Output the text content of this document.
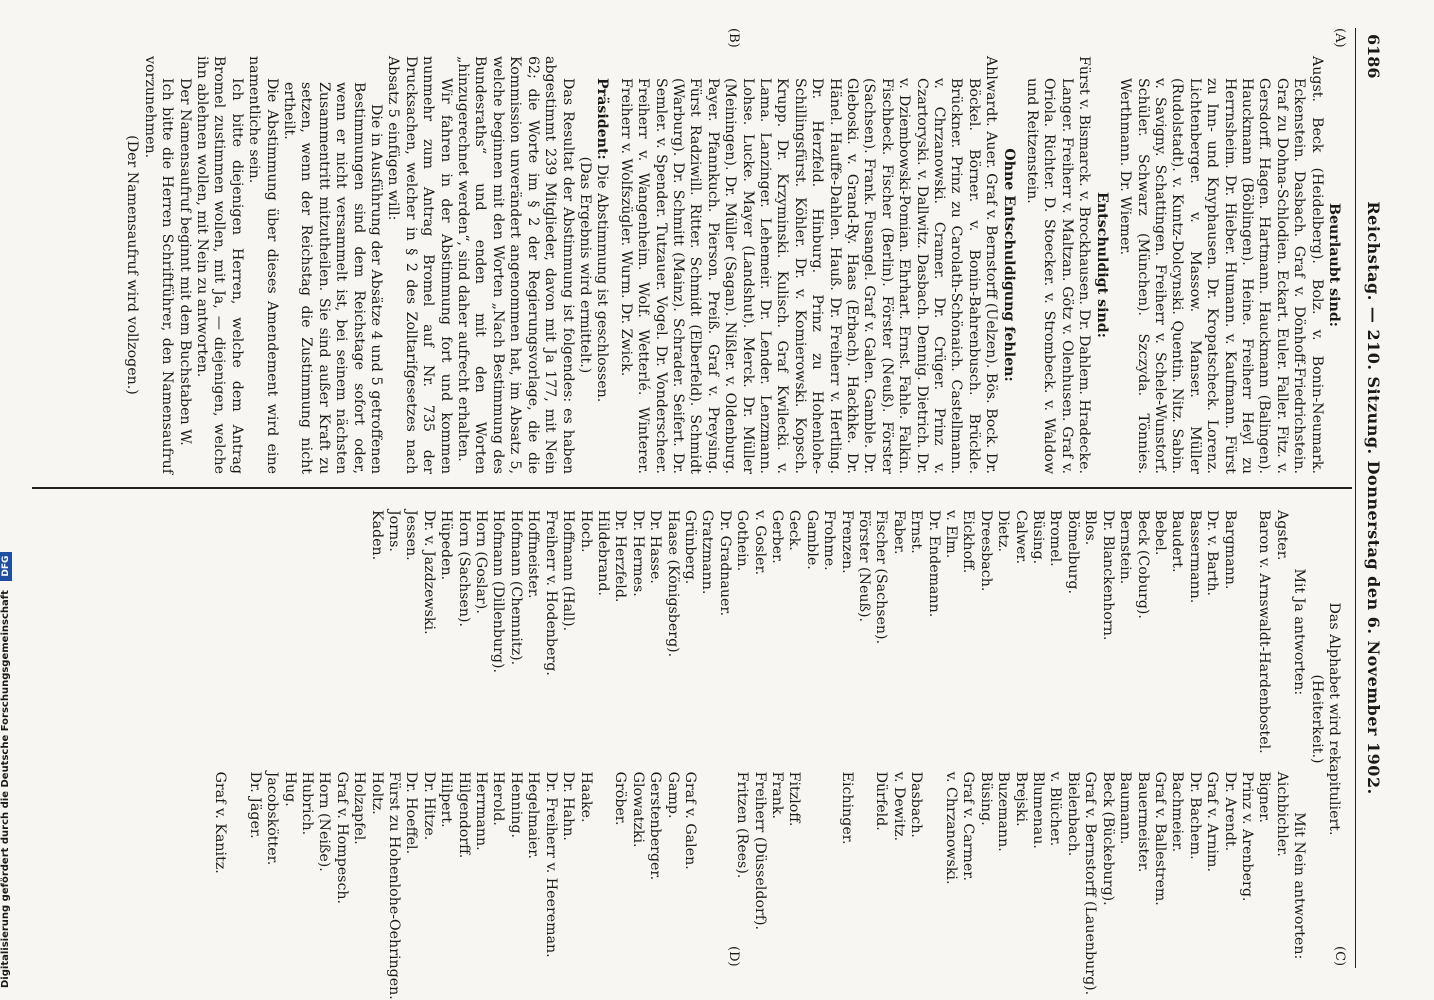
Digitalisierung gefördert durch die Deutsche Forschungsgemeinschaft DFG
6186
Reichstag. — 210. Sitzung. Donnerstag den 6. November 1902.
(A)
(B)
(C)
(D)

Beurlaubt sind:

Augst. Beck (Heidelberg). Bolz. v. Bonin-Neumark. Eckenstein. Dasbach. Graf v. Dönhoff-Friedrichstein. Graf zu Dohna-Schlodien. Eckart. Euler. Faller. Fitz. v. Gersdorff. Hagen. Hartmann. Hauckmann (Balingen). Hauckmann (Böblingen). Heine. Freiherr Heyl zu Herrnsheim. Dr. Hieber. Humann. v. Kaufmann. Fürst zu Inn- und Knyphausen. Dr. Kropatscheck. Lorenz. Lichtenberger. v. Massow. Manser. Müller (Rudolstadt). v. Kuntz-Dolcynski. Quentin. Nitz. Sabin. v. Savigny. Schattingen. Freiherr v. Schele-Wunstorf. Schüler. Schwarz (München). Szczyda. Tönnies. Werthmann. Dr. Wiemer.

Entschuldigt sind:

Fürst v. Bismarck. v. Brockhausen. Dr. Dahlem. Hradecke. Langer. Freiherr v. Maltzan. Götz v. Olenhusen. Graf v. Oriola. Richter. D. Stoecker. v. Strombeck. v. Waldow und Reitzenstein.

Ohne Entschuldigung fehlen:

Ahlwardt. Auer. Graf v. Bernstorff (Uelzen). Bös. Bock. Dr. Böckel. Börner. v. Bonin-Bahrenbusch. Brückle. Brückner. Prinz zu Carolath-Schönaich. Castellmann. v. Chrzanowski. Cramer. Dr. Crüger. Prinz v. Czartoryski. v. Dallwitz. Dasbach. Dennig. Dietrich. Dr. v. Dziembowski-Pomian. Ehrhart. Ernst. Fahle. Falkin. Fischbeck. Fischer (Berlin). Förster (Neuß). Förster (Sachsen). Frank. Fusangel. Graf v. Galen. Gamble. Dr. Gleboski. v. Grand-Ry. Haas (Erbach). Hackhke. Dr. Hänel. Hauffe-Dahlen. Hauß. Dr. Freiherr v. Hertling. Dr. Herzfeld. Hinburg. Prinz zu Hohenlohe-Schillingsfürst. Köhler. Dr. v. Komierowski. Kopsch. Krupp. Dr. Krzyminski. Kulisch. Graf Kwilecki. v. Lama. Lanzinger. Lehemeir. Dr. Lender. Lenzmann. Lohse. Lucke. Mayer (Landshut). Merck. Dr. Müller (Meiningen). Dr. Müller (Sagan). Nißler. v. Oldenburg. Payer. Pfannkuch. Pierson. Preiß. Graf v. Preysing. Fürst Radziwill. Ritter. Schmidt (Elberfeld). Schmidt (Warburg). Dr. Schmitt (Mainz). Schrader. Seifert. Dr. Semler. v. Spender. Tutzauer. Vogel. Dr. Vonderscheer. Freiherr v. Wangenheim. Wolf. Wetterlé. Winterer. Freiherr v. Wolfszügler. Wurm. Dr. Zwick.

Präsident: Die Abstimmung ist geschlossen.

(Das Ergebnis wird ermittelt.)

Das Resultat der Abstimmung ist folgendes: es haben abgestimmt 239 Mitglieder, davon mit Ja 177, mit Nein 62; die Worte im § 2 der Regierungsvorlage, die die Kommission unverändert angenommen hat, im Absatz 5, welche beginnen mit den Worten „Nach Bestimmung des Bundesraths“ und enden mit den Worten „hinzugerechnet werden“, sind daher aufrecht erhalten.

Wir fahren in der Abstimmung fort und kommen nunmehr zum Antrag Bromel auf Nr. 735 der Drucksachen, welcher in § 2 des Zolltarifgesetzes nach Absatz 5 einfügen will:

Die in Ausführung der Absätze 4 und 5 getroffenen Bestimmungen sind dem Reichstage sofort oder, wenn er nicht versammelt ist, bei seinem nächsten Zusammentritt mitzutheilen. Sie sind außer Kraft zu setzen, wenn der Reichstag die Zustimmung nicht ertheilt.

Die Abstimmung über dieses Amendement wird eine namentliche sein.

Ich bitte diejenigen Herren, welche dem Antrag Bromel zustimmen wollen, mit Ja, — diejenigen, welche ihn ablehnen wollen, mit Nein zu antworten.

Der Namensaufruf beginnt mit dem Buchstaben W.

Ich bitte die Herren Schriftführer, den Namensaufruf vorzunehmen.

(Der Namensaufruf wird vollzogen.)

Das Alphabet wird rekapituliert.

(Heiterkeit.)

Mit Ja antworten:

Agster.
Baron v. Arnswaldt-Hardenbostel.

Bargmann.
Dr. v. Barth.
Bassermann.
Baudert.
Bebel.
Beck (Coburg).
Bernstein.
Dr. Blanckenhorn.
Blos.
Bömelburg.
Bromel.
Büsing.
Calwer.
Dietz.
Dreesbach.
Eickhoff.
v. Elm.
Dr. Endemann.
Ernst.
Faber.
Fischer (Sachsen).
Förster (Neuß).
Frenzen.
Frohme.
Gamble.
Geck.
Gerber.
v. Gosler.
Gothein.
Dr. Gradnauer.
Gratzmann.
Grünberg.
Haase (Königsberg).
Dr. Hasse.
Dr. Hermes.
Dr. Herzfeld.
Hildebrand.
Hoch.
Hoffmann (Hall).
Freiherr v. Hodenberg.
Hoffmeister.
Hofmann (Chemnitz).
Hofmann (Dillenburg).
Horn (Goslar).
Horn (Sachsen).
Hüpeden.
Dr. v. Jazdzewski.
Jessen.
Jorns.
Kaden.

Mit Nein antworten:

Aichbichler.
Bigner.
Prinz v. Arenberg.
Dr. Arendt.
Graf v. Arnim.
Dr. Bachem.
Bachmeier.
Graf v. Ballestrem.
Bauermeister.
Baumann.
Beck (Bückeburg).
Graf v. Bernstorff (Lauenburg).
Bielenbach.
v. Blücher.
Blumenau.
Brejski.
Buzemann.
Büsing.
Graf v. Carmer.
v. Chrzanowski.

Dasbach.
v. Dewitz.
Dürfeld.

Eichinger.

Fitzloff.
Frank.
Freiherr (Düsseldorf).
Fritzen (Rees).

Graf v. Galen.
Gamp.
Gerstenberger.
Glowatzki.
Gröber.

Haake.
Dr. Hahn.
Dr. Freiherr v. Heereman.
Hegelmaier.
Henning.
Herold.
Herrmann.
Hilgendorff.
Hilpert.
Dr. Hitze.
Dr. Hoeffel.
Fürst zu Hohenlohe-Oehringen.
Holtz.
Holzapfel.
Graf v. Hompesch.
Horn (Neiße).
Hubrich.
Hug.
Jacobskötter.
Dr. Jäger.

Graf v. Kanitz.
